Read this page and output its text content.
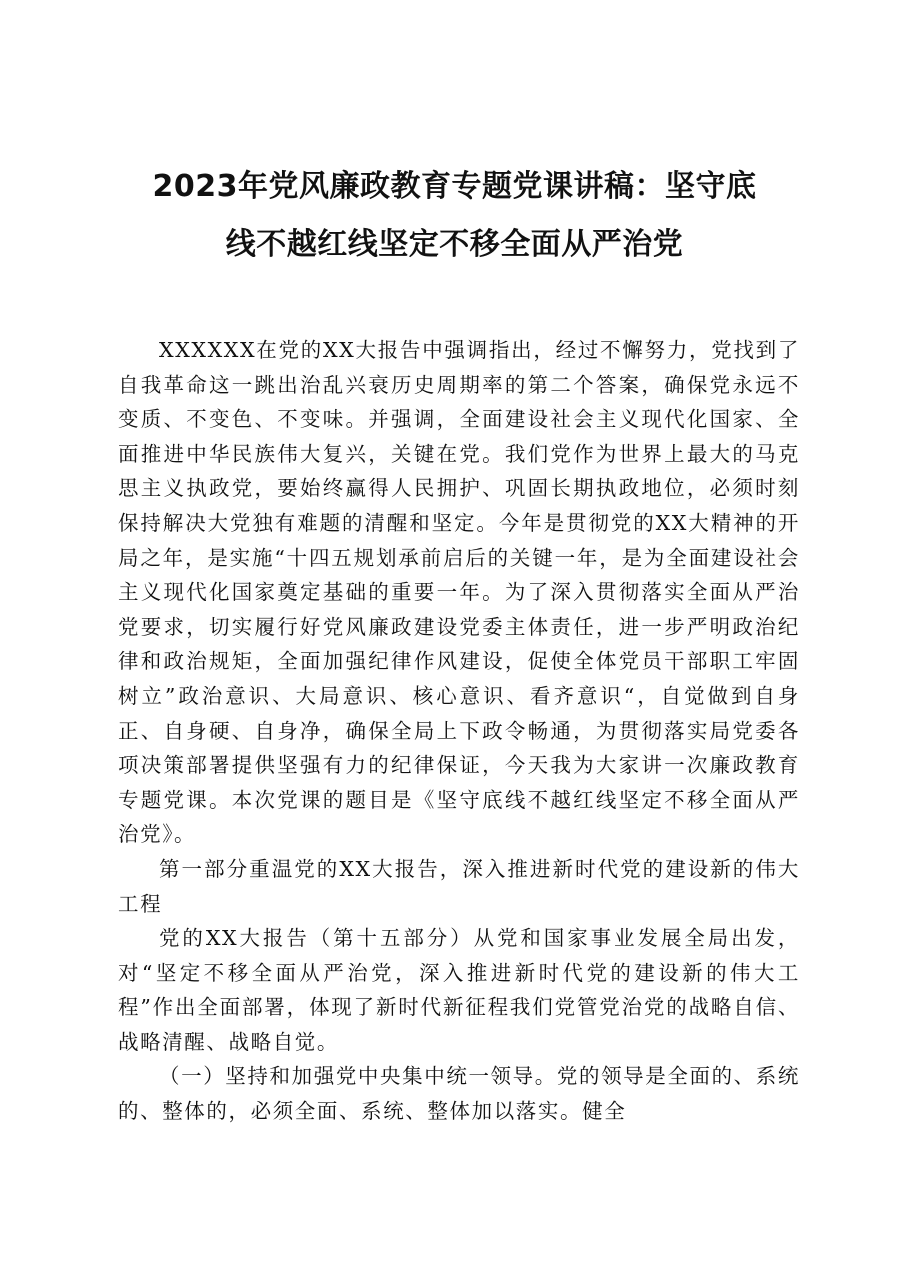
2023年党风廉政教育专题党课讲稿：坚守底
线不越红线坚定不移全面从严治党

XXXXXX在党的XX大报告中强调指出，经过不懈努力，党找到了自我革命这一跳出治乱兴衰历史周期率的第二个答案，确保党永远不变质、不变色、不变味。并强调，全面建设社会主义现代化国家、全面推进中华民族伟大复兴，关键在党。我们党作为世界上最大的马克思主义执政党，要始终赢得人民拥护、巩固长期执政地位，必须时刻保持解决大党独有难题的清醒和坚定。今年是贯彻党的XX大精神的开局之年，是实施“十四五规划承前启后的关键一年，是为全面建设社会主义现代化国家奠定基础的重要一年。为了深入贯彻落实全面从严治党要求，切实履行好党风廉政建设党委主体责任，进一步严明政治纪律和政治规矩，全面加强纪律作风建设，促使全体党员干部职工牢固树立”政治意识、大局意识、核心意识、看齐意识“，自觉做到自身正、自身硬、自身净，确保全局上下政令畅通，为贯彻落实局党委各项决策部署提供坚强有力的纪律保证，今天我为大家讲一次廉政教育专题党课。本次党课的题目是《坚守底线不越红线坚定不移全面从严治党》。

第一部分重温党的XX大报告，深入推进新时代党的建设新的伟大工程

党的XX大报告（第十五部分）从党和国家事业发展全局出发，对“坚定不移全面从严治党，深入推进新时代党的建设新的伟大工程”作出全面部署，体现了新时代新征程我们党管党治党的战略自信、战略清醒、战略自觉。

（一）坚持和加强党中央集中统一领导。党的领导是全面的、系统的、整体的，必须全面、系统、整体加以落实。健全
